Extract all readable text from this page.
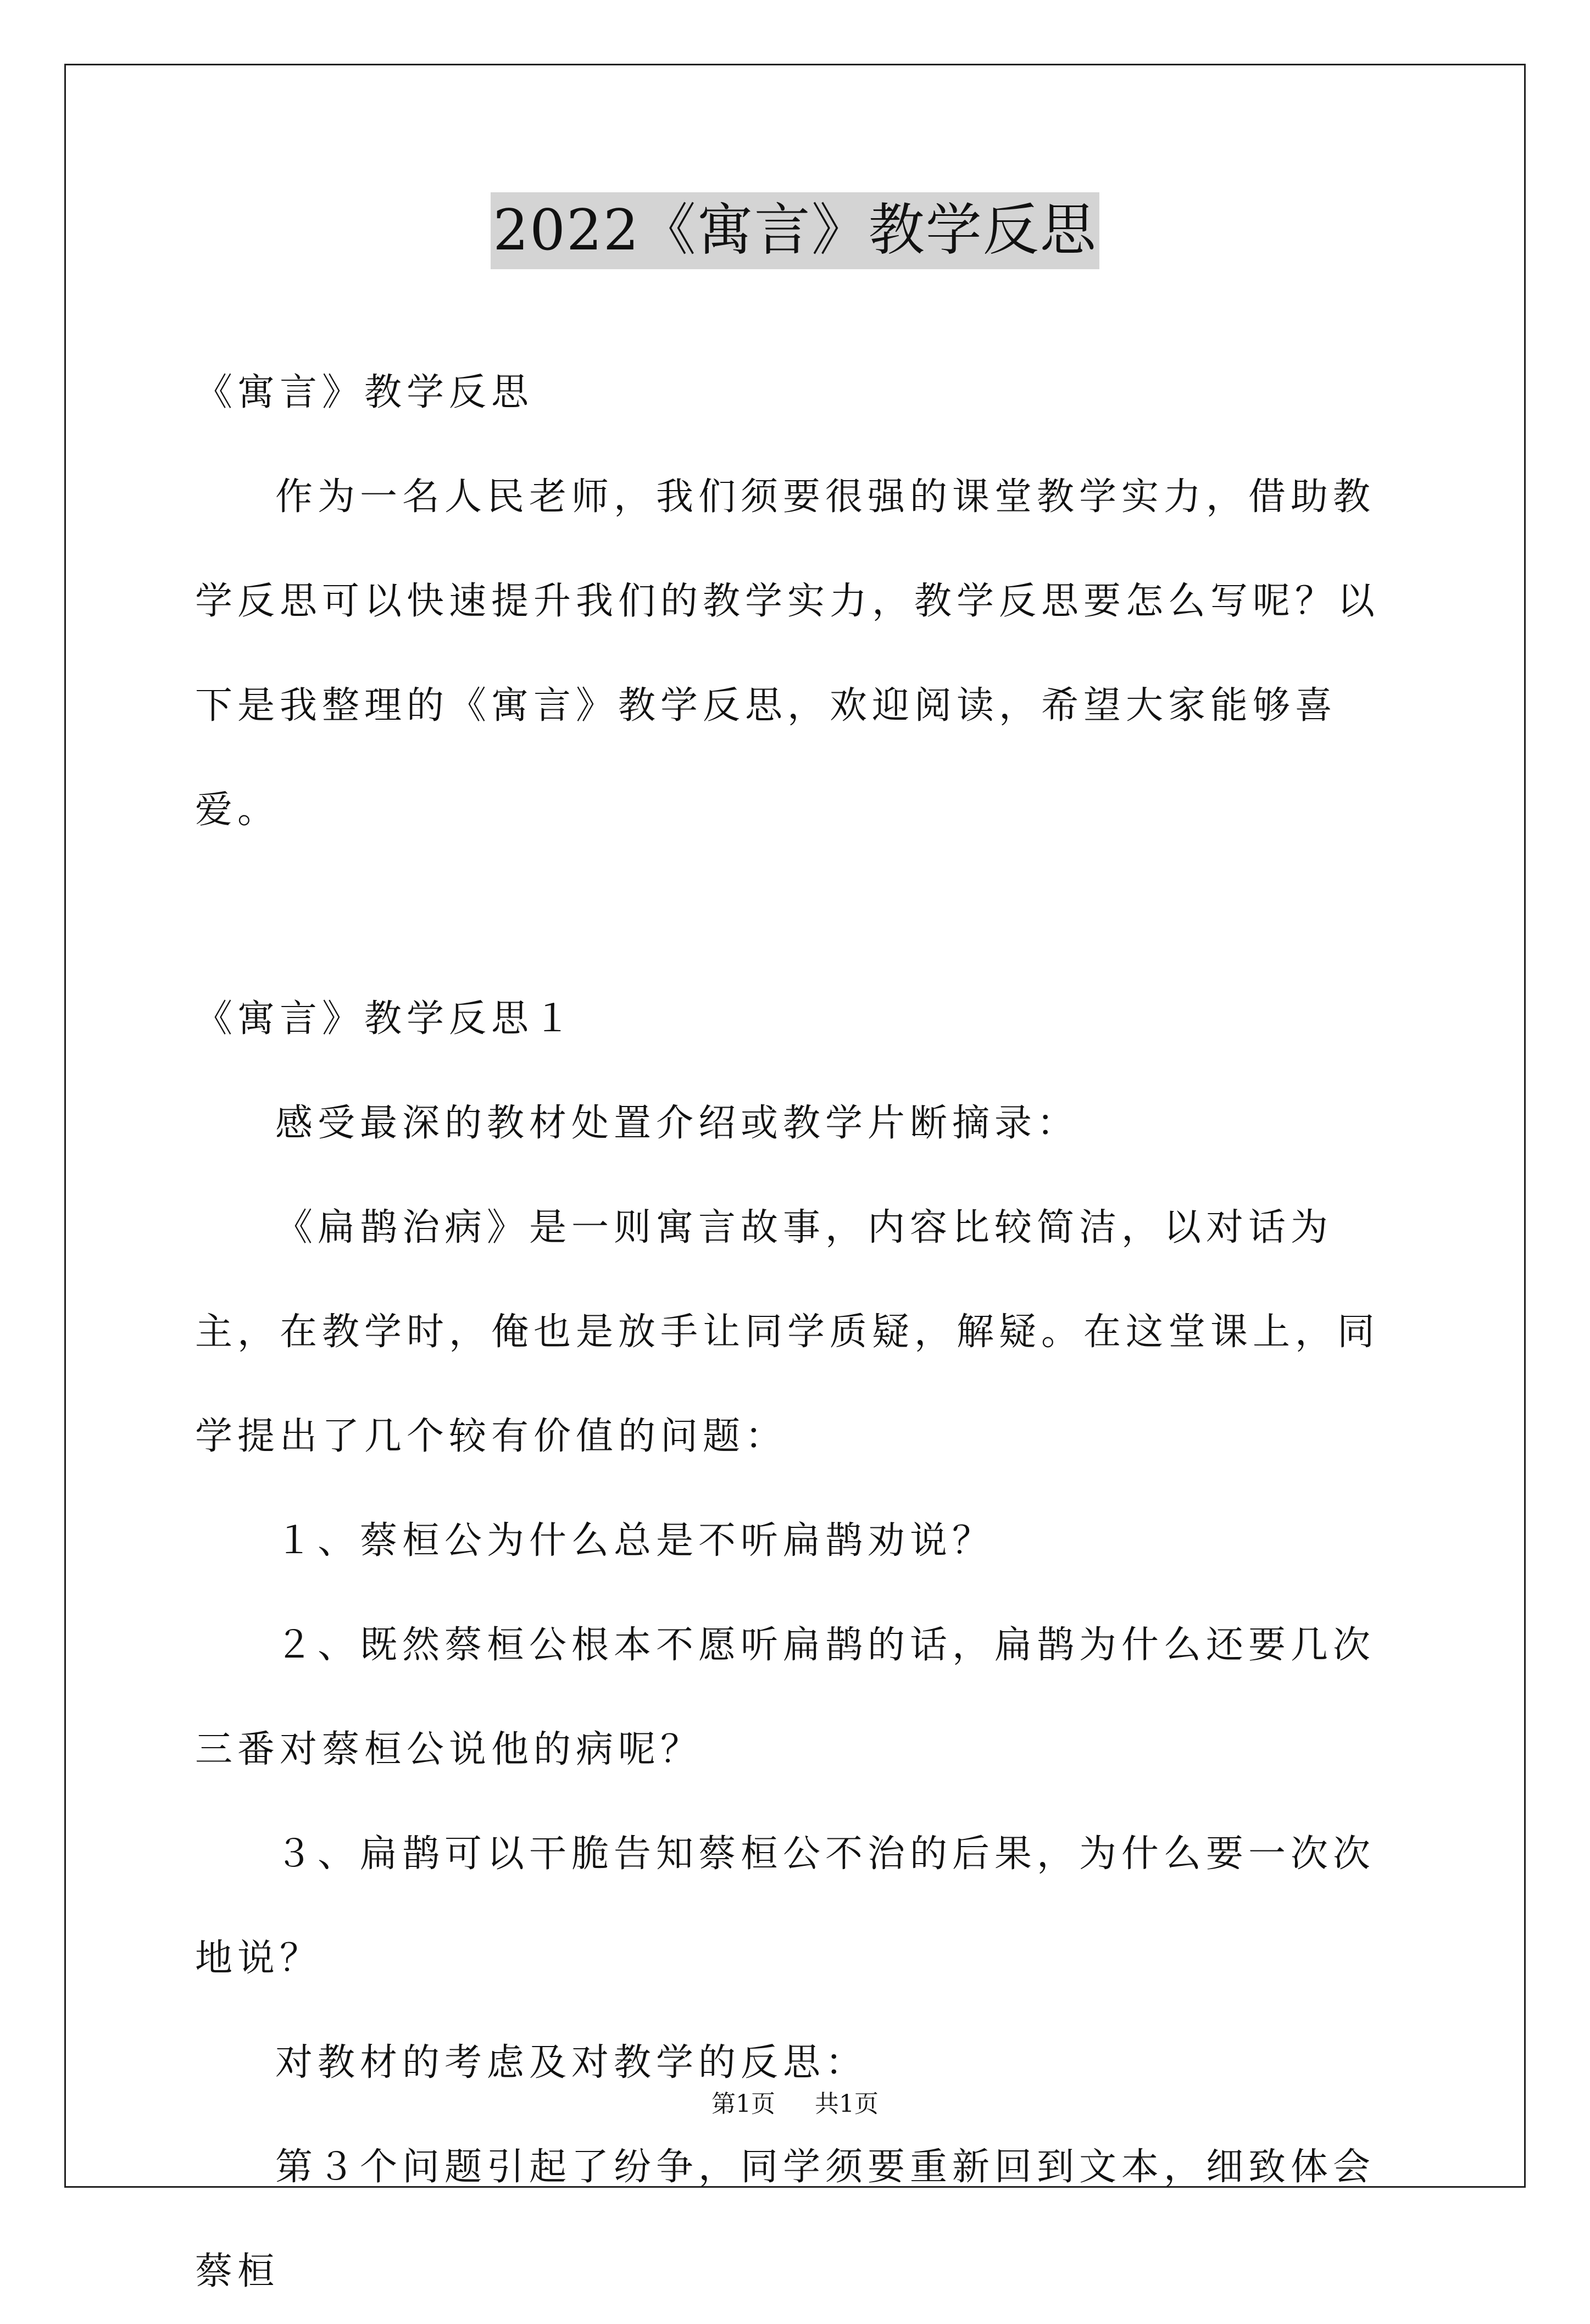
2022《寓言》教学反思

《寓言》教学反思

作为一名人民老师，我们须要很强的课堂教学实力，借助教学反思可以快速提升我们的教学实力，教学反思要怎么写呢？以下是我整理的《寓言》教学反思，欢迎阅读，希望大家能够喜爱。

《寓言》教学反思１

感受最深的教材处置介绍或教学片断摘录：

《扁鹊治病》是一则寓言故事，内容比较简洁，以对话为主，在教学时，俺也是放手让同学质疑，解疑。在这堂课上，同学提出了几个较有价值的问题：

１、蔡桓公为什么总是不听扁鹊劝说？

２、既然蔡桓公根本不愿听扁鹊的话，扁鹊为什么还要几次三番对蔡桓公说他的病呢？

３、扁鹊可以干脆告知蔡桓公不治的后果，为什么要一次次地说？

对教材的考虑及对教学的反思：

第３个问题引起了纷争，同学须要重新回到文本，细致体会蔡桓

第1页 共1页
